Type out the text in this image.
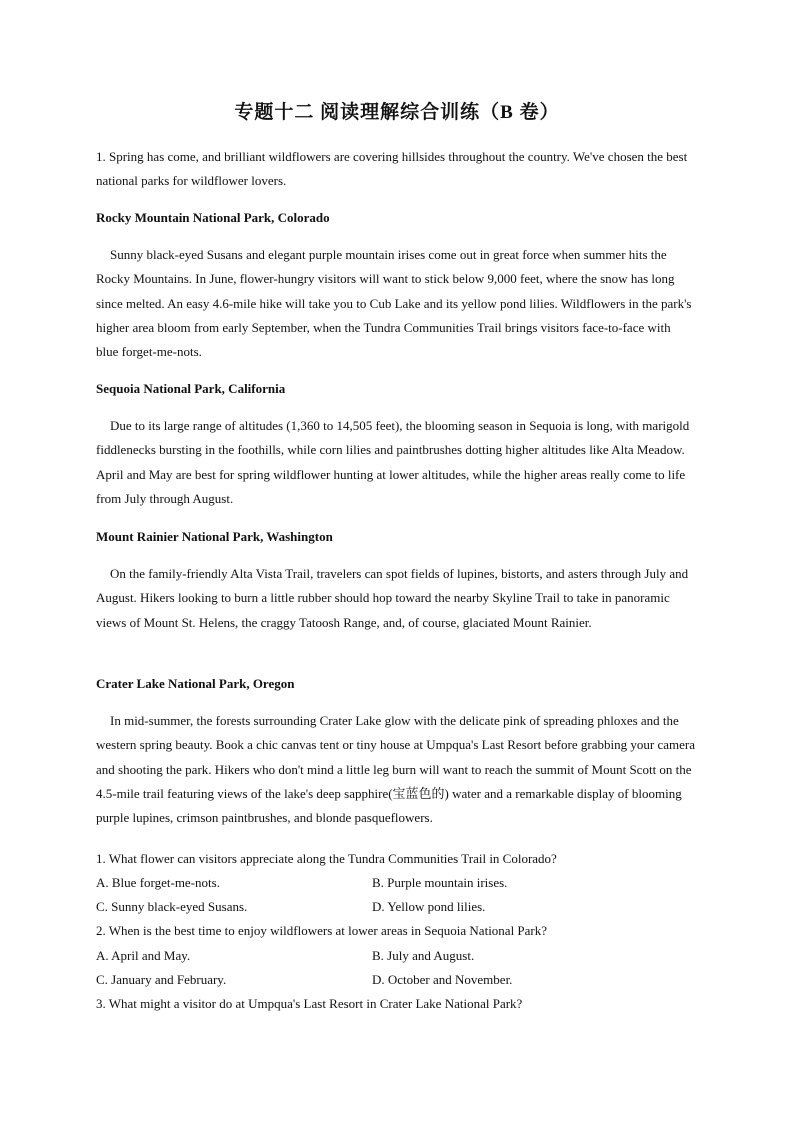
专题十二 阅读理解综合训练（B 卷）
1. Spring has come, and brilliant wildflowers are covering hillsides throughout the country. We've chosen the best national parks for wildflower lovers.
Rocky Mountain National Park, Colorado
Sunny black-eyed Susans and elegant purple mountain irises come out in great force when summer hits the Rocky Mountains. In June, flower-hungry visitors will want to stick below 9,000 feet, where the snow has long since melted. An easy 4.6-mile hike will take you to Cub Lake and its yellow pond lilies. Wildflowers in the park's higher area bloom from early September, when the Tundra Communities Trail brings visitors face-to-face with blue forget-me-nots.
Sequoia National Park, California
Due to its large range of altitudes (1,360 to 14,505 feet), the blooming season in Sequoia is long, with marigold fiddlenecks bursting in the foothills, while corn lilies and paintbrushes dotting higher altitudes like Alta Meadow. April and May are best for spring wildflower hunting at lower altitudes, while the higher areas really come to life from July through August.
Mount Rainier National Park, Washington
On the family-friendly Alta Vista Trail, travelers can spot fields of lupines, bistorts, and asters through July and August. Hikers looking to burn a little rubber should hop toward the nearby Skyline Trail to take in panoramic views of Mount St. Helens, the craggy Tatoosh Range, and, of course, glaciated Mount Rainier.
Crater Lake National Park, Oregon
In mid-summer, the forests surrounding Crater Lake glow with the delicate pink of spreading phloxes and the western spring beauty. Book a chic canvas tent or tiny house at Umpqua's Last Resort before grabbing your camera and shooting the park. Hikers who don't mind a little leg burn will want to reach the summit of Mount Scott on the 4.5-mile trail featuring views of the lake's deep sapphire(宝蓝色的) water and a remarkable display of blooming purple lupines, crimson paintbrushes, and blonde pasqueflowers.
1. What flower can visitors appreciate along the Tundra Communities Trail in Colorado?
A. Blue forget-me-nots.	B. Purple mountain irises.
C. Sunny black-eyed Susans.	D. Yellow pond lilies.
2. When is the best time to enjoy wildflowers at lower areas in Sequoia National Park?
A. April and May.	B. July and August.
C. January and February.	D. October and November.
3. What might a visitor do at Umpqua's Last Resort in Crater Lake National Park?
